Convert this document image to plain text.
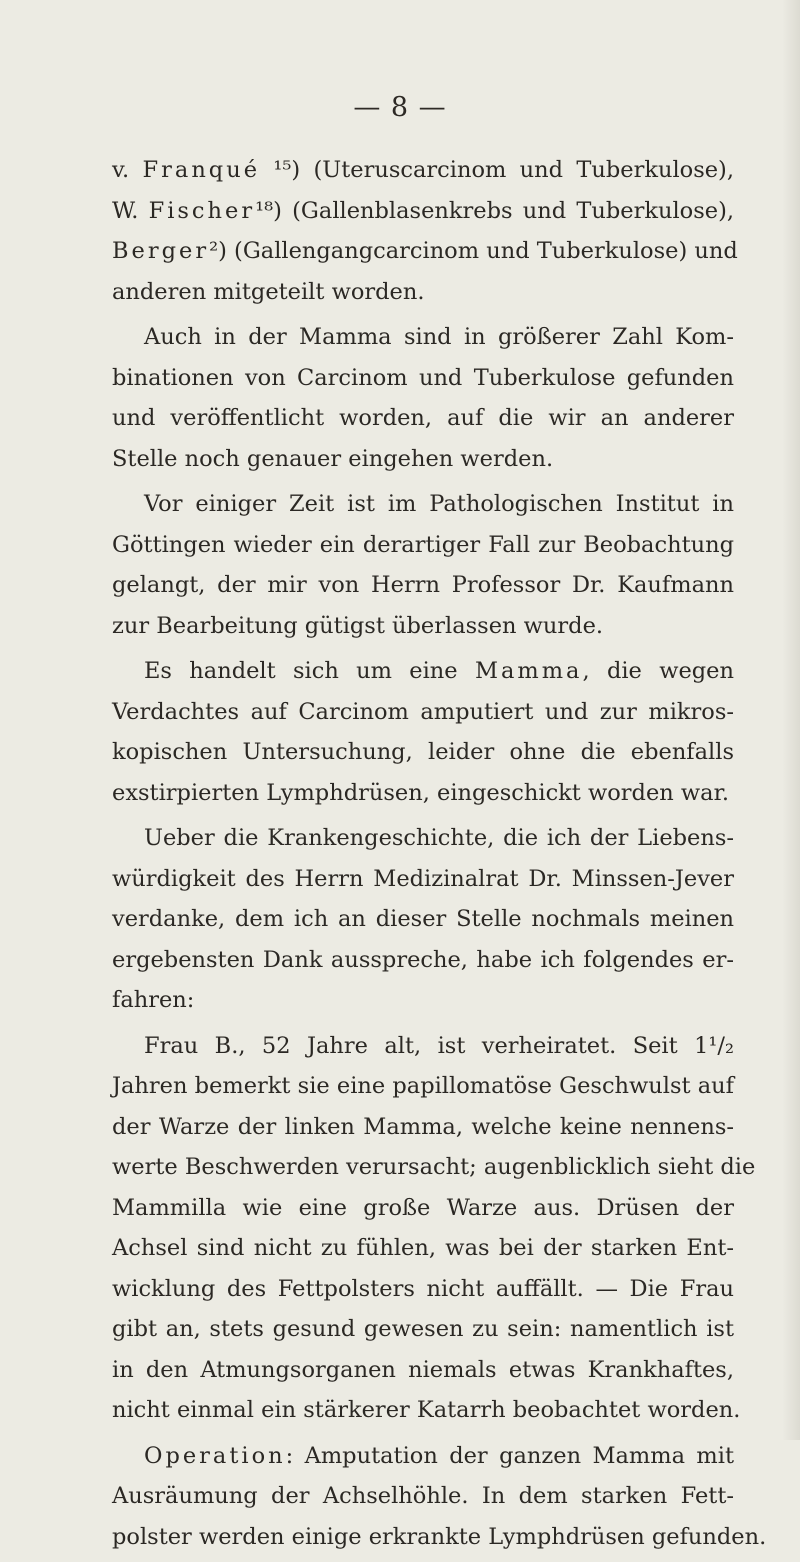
— 8 —
v. Franqué ¹⁵) (Uteruscarcinom und Tuberkulose),
W. Fischer¹⁸) (Gallenblasenkrebs und Tuberkulose),
Berger²) (Gallengangcarcinom und Tuberkulose) und
anderen mitgeteilt worden.
Auch in der Mamma sind in größerer Zahl Kom-
binationen von Carcinom und Tuberkulose gefunden
und veröffentlicht worden, auf die wir an anderer
Stelle noch genauer eingehen werden.
Vor einiger Zeit ist im Pathologischen Institut in
Göttingen wieder ein derartiger Fall zur Beobachtung
gelangt, der mir von Herrn Professor Dr. Kaufmann
zur Bearbeitung gütigst überlassen wurde.
Es handelt sich um eine Mamma, die wegen
Verdachtes auf Carcinom amputiert und zur mikros-
kopischen Untersuchung, leider ohne die ebenfalls
exstirpierten Lymphdrüsen, eingeschickt worden war.
Ueber die Krankengeschichte, die ich der Liebens-
würdigkeit des Herrn Medizinalrat Dr. Minssen-Jever
verdanke, dem ich an dieser Stelle nochmals meinen
ergebensten Dank ausspreche, habe ich folgendes er-
fahren:
Frau B., 52 Jahre alt, ist verheiratet. Seit 1¹/₂
Jahren bemerkt sie eine papillomatöse Geschwulst auf
der Warze der linken Mamma, welche keine nennens-
werte Beschwerden verursacht; augenblicklich sieht die
Mammilla wie eine große Warze aus. Drüsen der
Achsel sind nicht zu fühlen, was bei der starken Ent-
wicklung des Fettpolsters nicht auffällt. — Die Frau
gibt an, stets gesund gewesen zu sein: namentlich ist
in den Atmungsorganen niemals etwas Krankhaftes,
nicht einmal ein stärkerer Katarrh beobachtet worden.
Operation: Amputation der ganzen Mamma mit
Ausräumung der Achselhöhle. In dem starken Fett-
polster werden einige erkrankte Lymphdrüsen gefunden.
